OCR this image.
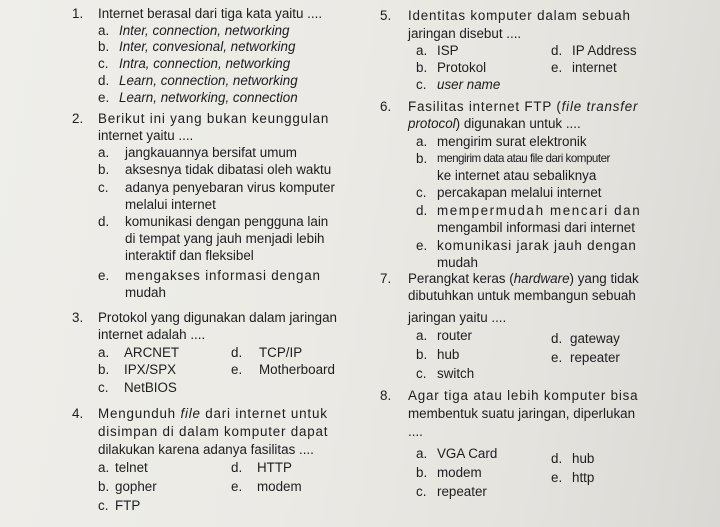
1. Internet berasal dari tiga kata yaitu ....
a. Inter, connection, networking
b. Inter, convesional, networking
c. Intra, connection, networking
d. Learn, connection, networking
e. Learn, networking, connection
2. Berikut ini yang bukan keunggulan
internet yaitu ....
a. jangkauannya bersifat umum
b. aksesnya tidak dibatasi oleh waktu
c. adanya penyebaran virus komputer
melalui internet
d. komunikasi dengan pengguna lain
di tempat yang jauh menjadi lebih
interaktif dan fleksibel
e. mengakses informasi dengan
mudah
3. Protokol yang digunakan dalam jaringan
internet adalah ....
a. ARCNET
b. IPX/SPX
c. NetBIOS
d. TCP/IP
e. Motherboard
4. Mengunduh file dari internet untuk
disimpan di dalam komputer dapat
dilakukan karena adanya fasilitas ....
a. telnet
b. gopher
c. FTP
d. HTTP
e. modem
5. Identitas komputer dalam sebuah
jaringan disebut ....
a. ISP
b. Protokol
c. user name
d. IP Address
e. internet
6. Fasilitas internet FTP (file transfer
protocol) digunakan untuk ....
a. mengirim surat elektronik
b. mengirim data atau file dari komputer
ke internet atau sebaliknya
c. percakapan melalui internet
d. mempermudah mencari dan
mengambil informasi dari internet
e. komunikasi jarak jauh dengan
mudah
7. Perangkat keras (hardware) yang tidak
dibutuhkan untuk membangun sebuah
jaringan yaitu ....
a. router
b. hub
c. switch
d. gateway
e. repeater
8. Agar tiga atau lebih komputer bisa
membentuk suatu jaringan, diperlukan
....
a. VGA Card
b. modem
c. repeater
d. hub
e. http
